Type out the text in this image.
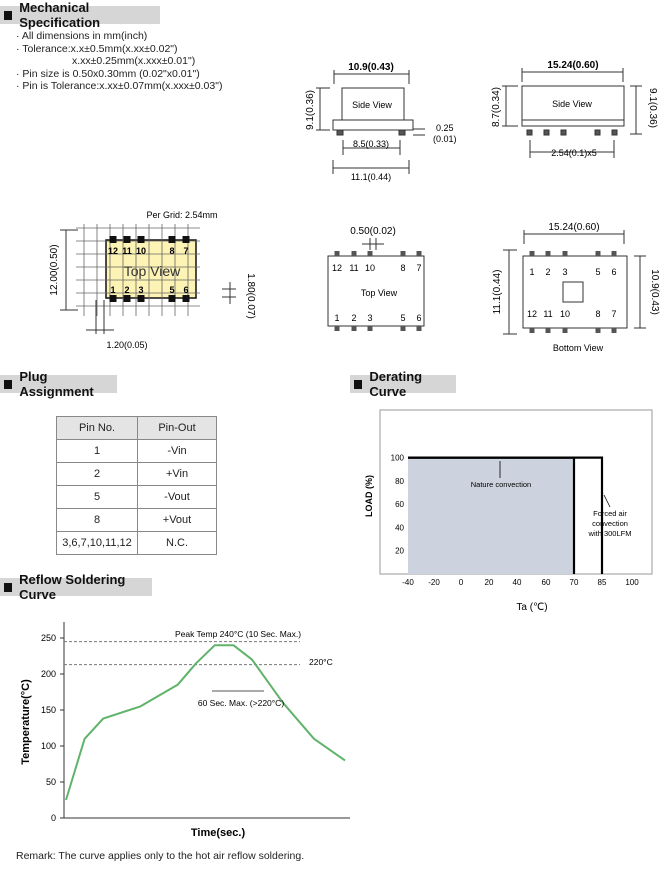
Mechanical Specification
· All dimensions in mm(inch)
· Tolerance:x.x±0.5mm(x.xx±0.02")
x.xx±0.25mm(x.xxx±0.01")
· Pin size is 0.50x0.30mm (0.02"x0.01")
· Pin is Tolerance:x.xx±0.07mm(x.xxx±0.03")
10.9(0.43)
9.1(0.36)	Side View
8.5(0.33)
11.1(0.44)
0.25
(0.01)
15.24(0.60)
8.7(0.34)	9.1(0.36)
Side View
2.54(0.1)x5
Per Grid: 2.54mm
12.00(0.50)
1.80(0.07)
1.20(0.05)
Top View
12 11 10	8 7
1 2 3	5 6
0.50(0.02)
Top View
12 11 10	8 7
1 2 3	5 6
15.24(0.60)
11.1(0.44)	10.9(0.43)
Bottom View
1 2 3	5 6
12 11 10	8 7
Plug Assignment
Pin No.	Pin-Out
1	-Vin
2	+Vin
5	-Vout
8	+Vout
3,6,7,10,11,12	N.C.
Derating Curve
-40 -20 0	20 40	60 70 85 100
100
80
60
40
20
LOAD (%)
Ta (℃)
Nature convection
Forced air
convection
with 300LFM
Reflow Soldering Curve
250
200
150
100
50
0
Temperature(°C)
Time(sec.)
Peak Temp 240°C (10 Sec. Max.)
220°C
60 Sec. Max. (>220°C)
Remark: The curve applies only to the hot air reflow soldering.
